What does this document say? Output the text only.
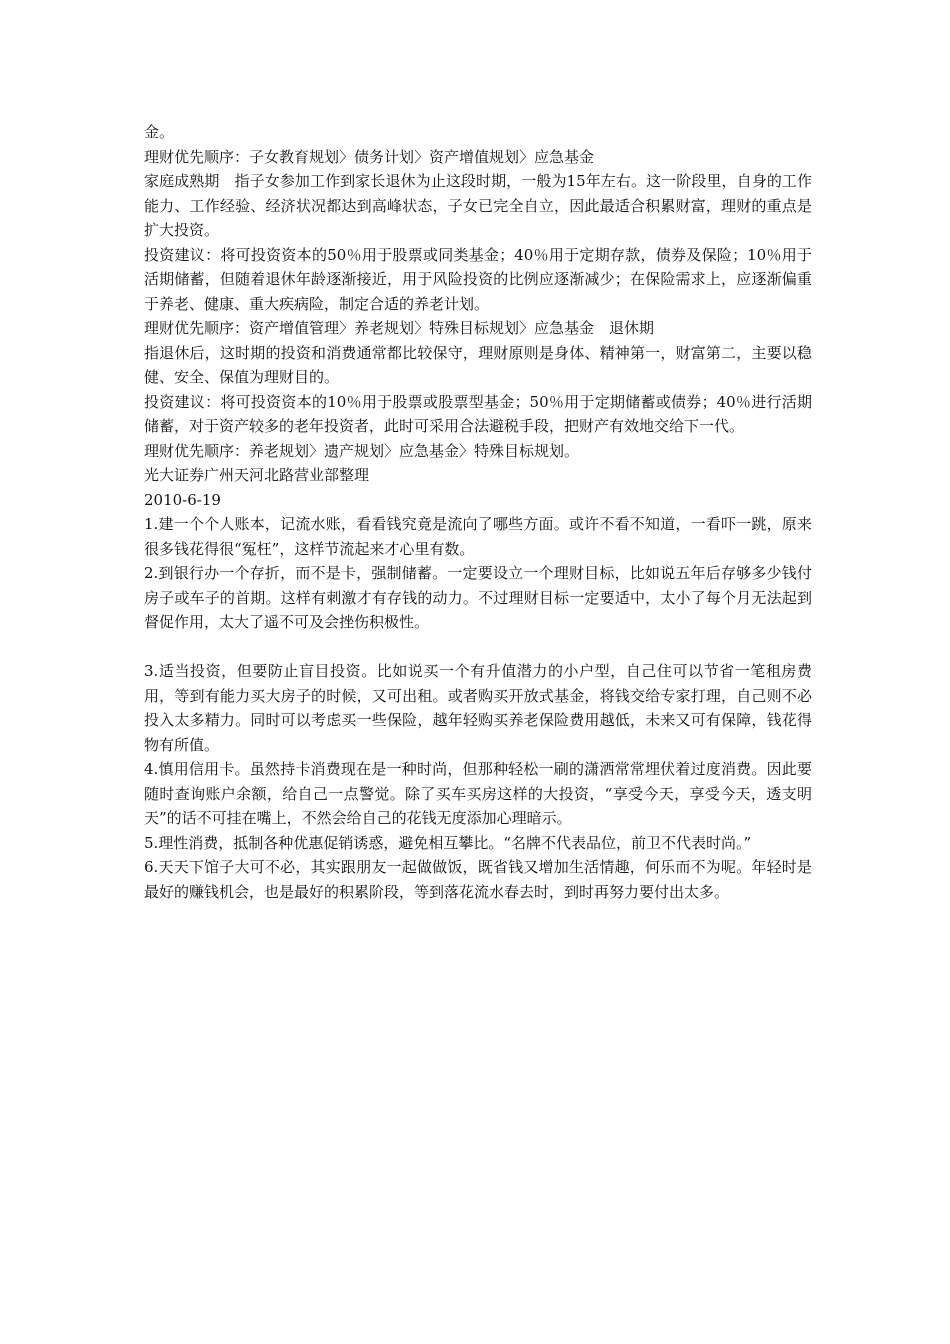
金。

理财优先顺序：子女教育规划〉债务计划〉资产增值规划〉应急基金

家庭成熟期　指子女参加工作到家长退休为止这段时期，一般为15年左右。这一阶段里，自身的工作能力、工作经验、经济状况都达到高峰状态，子女已完全自立，因此最适合积累财富，理财的重点是扩大投资。

投资建议：将可投资资本的50％用于股票或同类基金；40％用于定期存款，债券及保险；10％用于活期储蓄，但随着退休年龄逐渐接近，用于风险投资的比例应逐渐减少；在保险需求上，应逐渐偏重于养老、健康、重大疾病险，制定合适的养老计划。

理财优先顺序：资产增值管理〉养老规划〉特殊目标规划〉应急基金　退休期

指退休后，这时期的投资和消费通常都比较保守，理财原则是身体、精神第一，财富第二，主要以稳健、安全、保值为理财目的。

投资建议：将可投资资本的10％用于股票或股票型基金；50％用于定期储蓄或债券；40％进行活期储蓄，对于资产较多的老年投资者，此时可采用合法避税手段，把财产有效地交给下一代。

理财优先顺序：养老规划〉遗产规划〉应急基金〉特殊目标规划。

光大证券广州天河北路营业部整理

2010-6-19

1.建一个个人账本，记流水账，看看钱究竟是流向了哪些方面。或许不看不知道，一看吓一跳，原来很多钱花得很“冤枉”，这样节流起来才心里有数。

2.到银行办一个存折，而不是卡，强制储蓄。一定要设立一个理财目标，比如说五年后存够多少钱付房子或车子的首期。这样有刺激才有存钱的动力。不过理财目标一定要适中，太小了每个月无法起到督促作用，太大了遥不可及会挫伤积极性。

3.适当投资，但要防止盲目投资。比如说买一个有升值潜力的小户型，自己住可以节省一笔租房费用，等到有能力买大房子的时候，又可出租。或者购买开放式基金，将钱交给专家打理，自己则不必投入太多精力。同时可以考虑买一些保险，越年轻购买养老保险费用越低，未来又可有保障，钱花得物有所值。

4.慎用信用卡。虽然持卡消费现在是一种时尚，但那种轻松一刷的潇洒常常埋伏着过度消费。因此要随时查询账户余额，给自己一点警觉。除了买车买房这样的大投资，“享受今天，享受今天，透支明天”的话不可挂在嘴上，不然会给自己的花钱无度添加心理暗示。

5.理性消费，抵制各种优惠促销诱惑，避免相互攀比。“名牌不代表品位，前卫不代表时尚。”

6.天天下馆子大可不必，其实跟朋友一起做做饭，既省钱又增加生活情趣，何乐而不为呢。年轻时是最好的赚钱机会，也是最好的积累阶段，等到落花流水春去时，到时再努力要付出太多。
